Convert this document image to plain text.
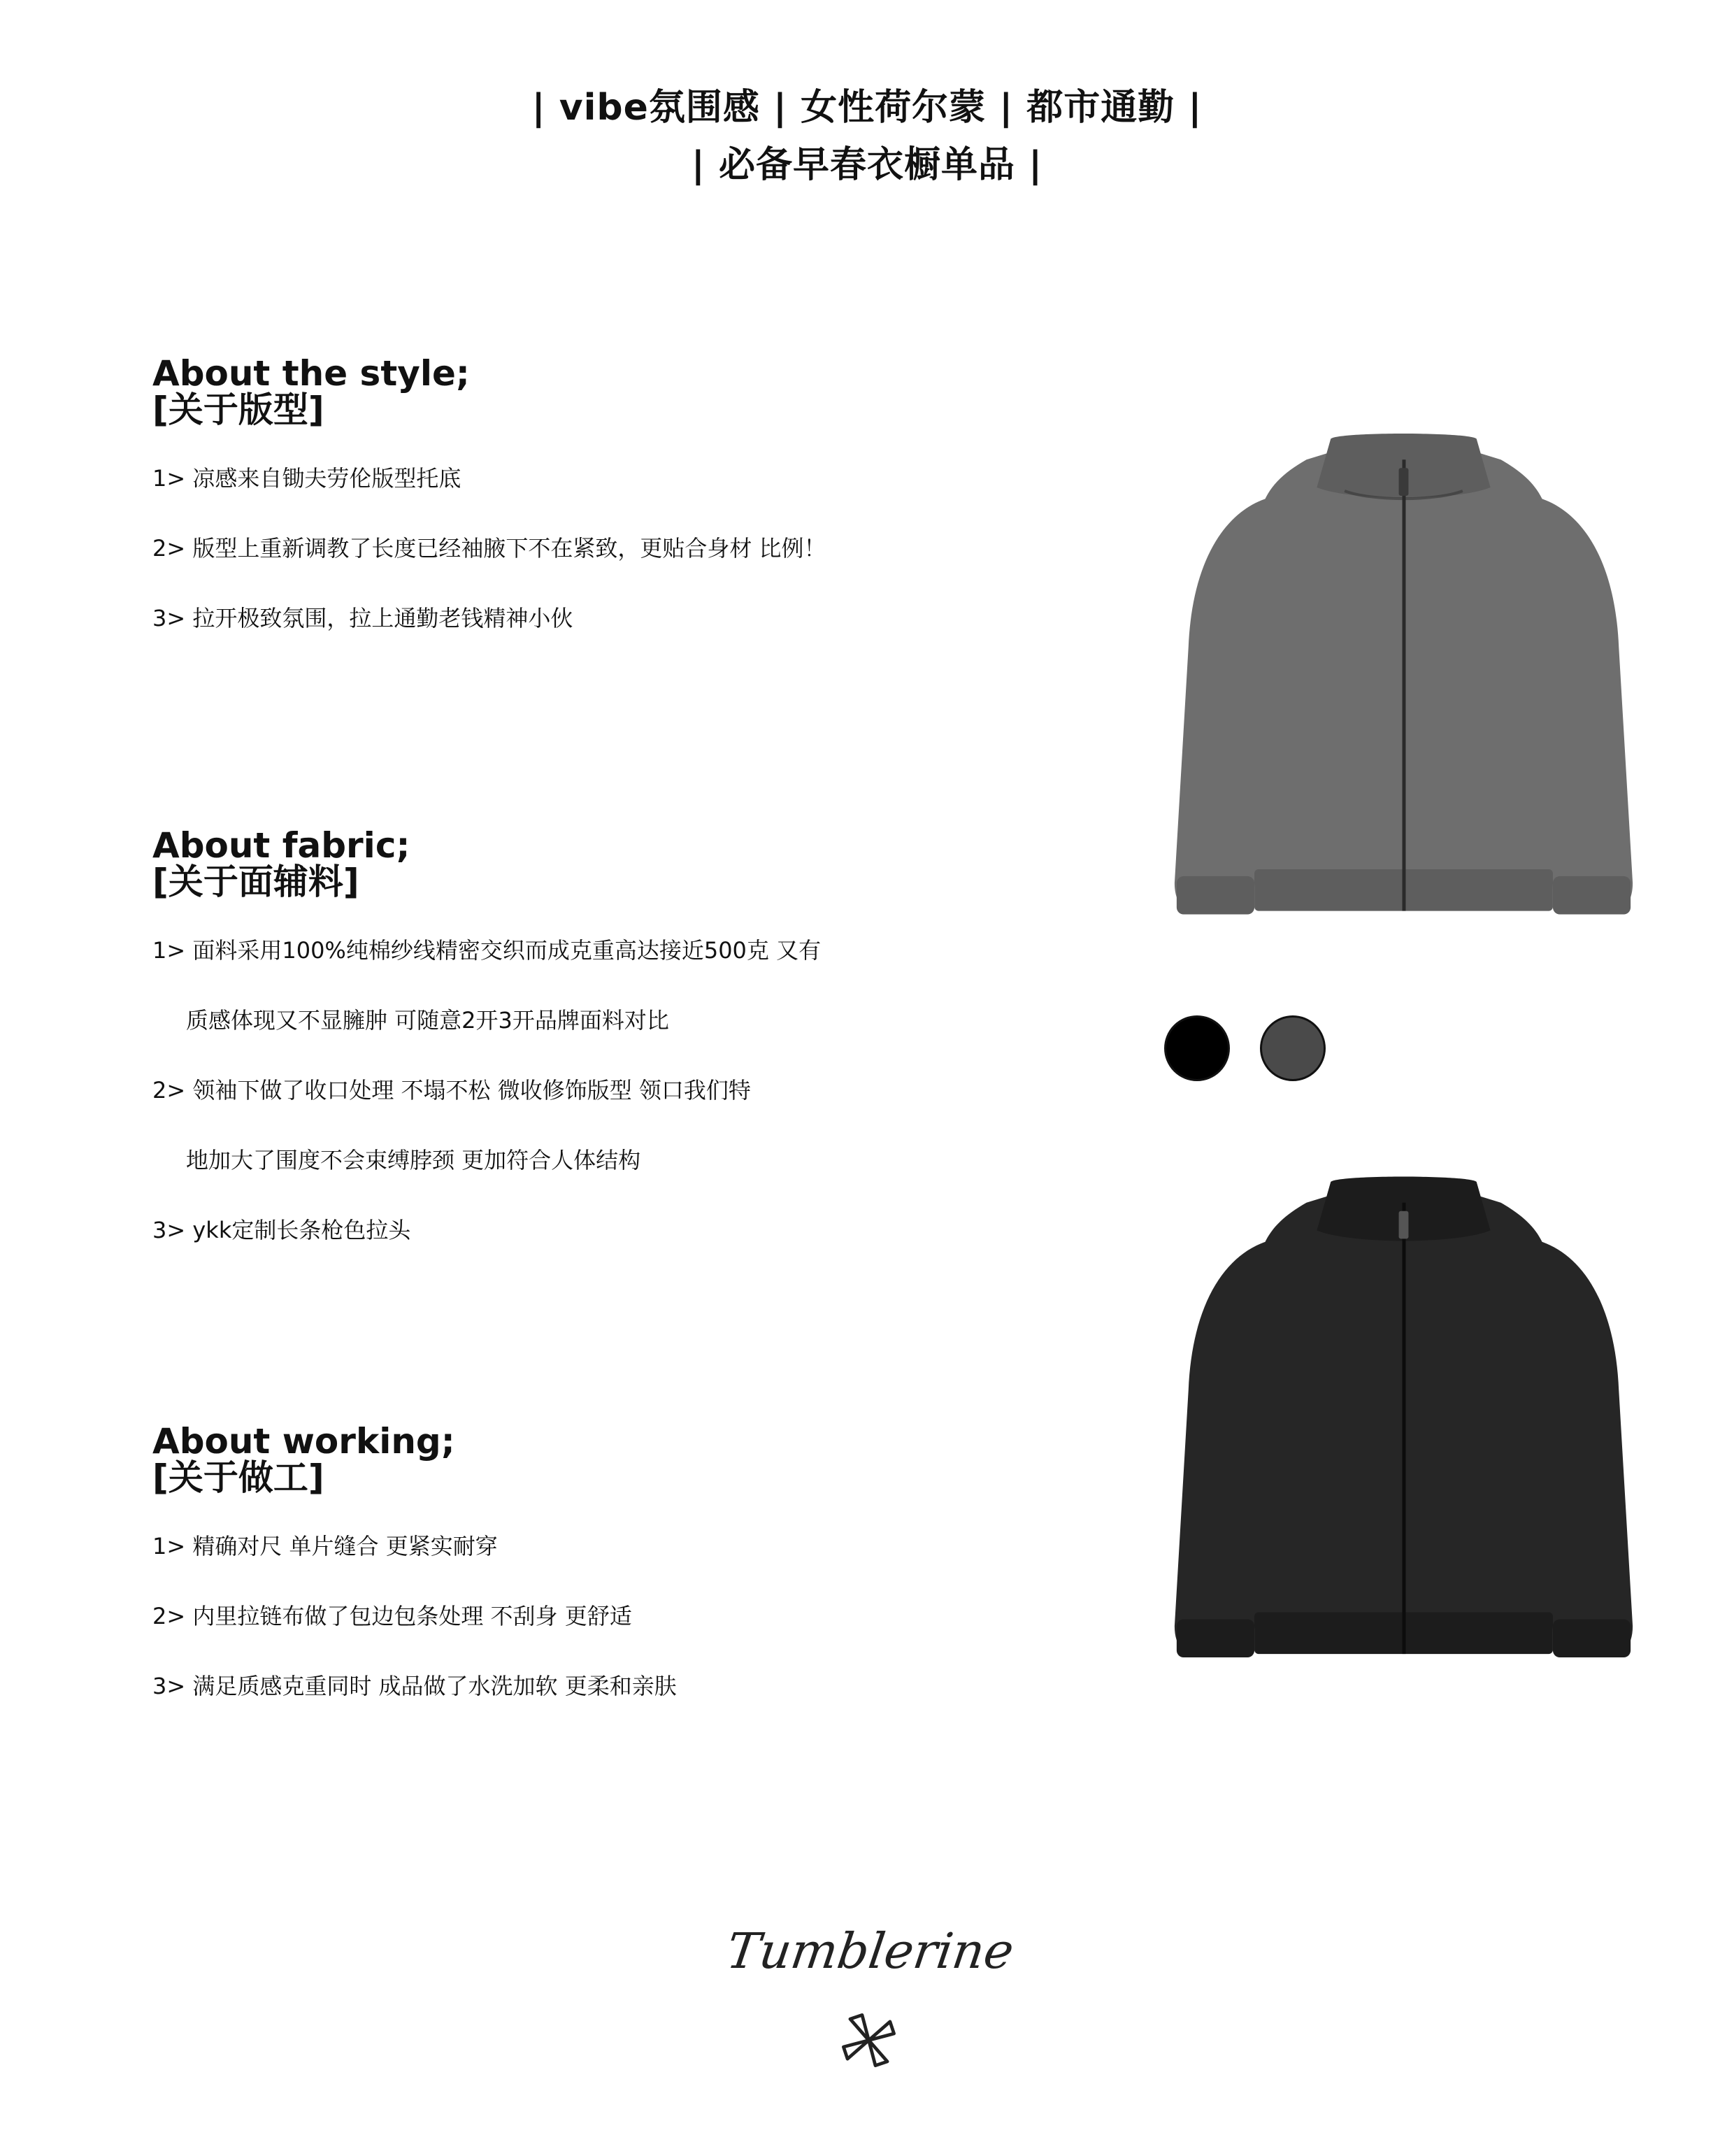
| vibe氛围感 | 女性荷尔蒙 | 都市通勤 |
| 必备早春衣橱单品 |

About the style;

[关于版型]

1> 凉感来自锄夫劳伦版型托底
2> 版型上重新调教了长度已经袖腋下不在紧致，更贴合身材 比例！
3> 拉开极致氛围，拉上通勤老钱精神小伙

About fabric;

[关于面辅料]

1> 面料采用100%纯棉纱线精密交织而成克重高达接近500克 又有
质感体现又不显臃肿 可随意2开3开品牌面料对比
2> 领袖下做了收口处理 不塌不松 微收修饰版型 领口我们特
地加大了围度不会束缚脖颈 更加符合人体结构
3> ykk定制长条枪色拉头

About working;

[关于做工]

1> 精确对尺 单片缝合 更紧实耐穿
2> 内里拉链布做了包边包条处理 不刮身 更舒适
3> 满足质感克重同时 成品做了水洗加软 更柔和亲肤
Tumblerine
